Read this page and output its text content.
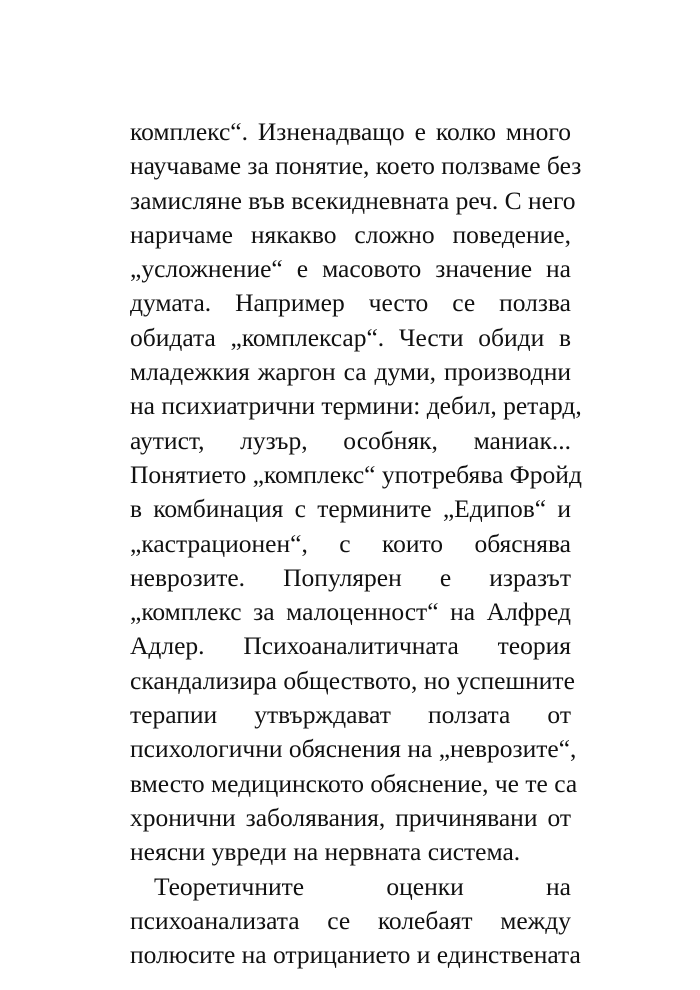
комплекс“. Изненадващо е колко много
научаваме за понятие, което ползваме без
замисляне във всекидневната реч. С него
наричаме някакво сложно поведение,
„усложнение“ е масовото значение на
думата. Например често се ползва
обидата „комплексар“. Чести обиди в
младежкия жаргон са думи, производни
на психиатрични термини: дебил, ретард,
аутист, лузър, особняк, маниак...
Понятието „комплекс“ употребява Фройд
в комбинация с термините „Едипов“ и
„кастрационен“, с които обяснява
неврозите. Популярен е изразът
„комплекс за малоценност“ на Алфред
Адлер. Психоаналитичната теория
скандализира обществото, но успешните
терапии утвърждават ползата от
психологични обяснения на „неврозите“,
вместо медицинското обяснение, че те са
хронични заболявания, причинявани от
неясни увреди на нервната система.
Теоретичните оценки на
психоанализата се колебаят между
полюсите на отрицанието и единствената
